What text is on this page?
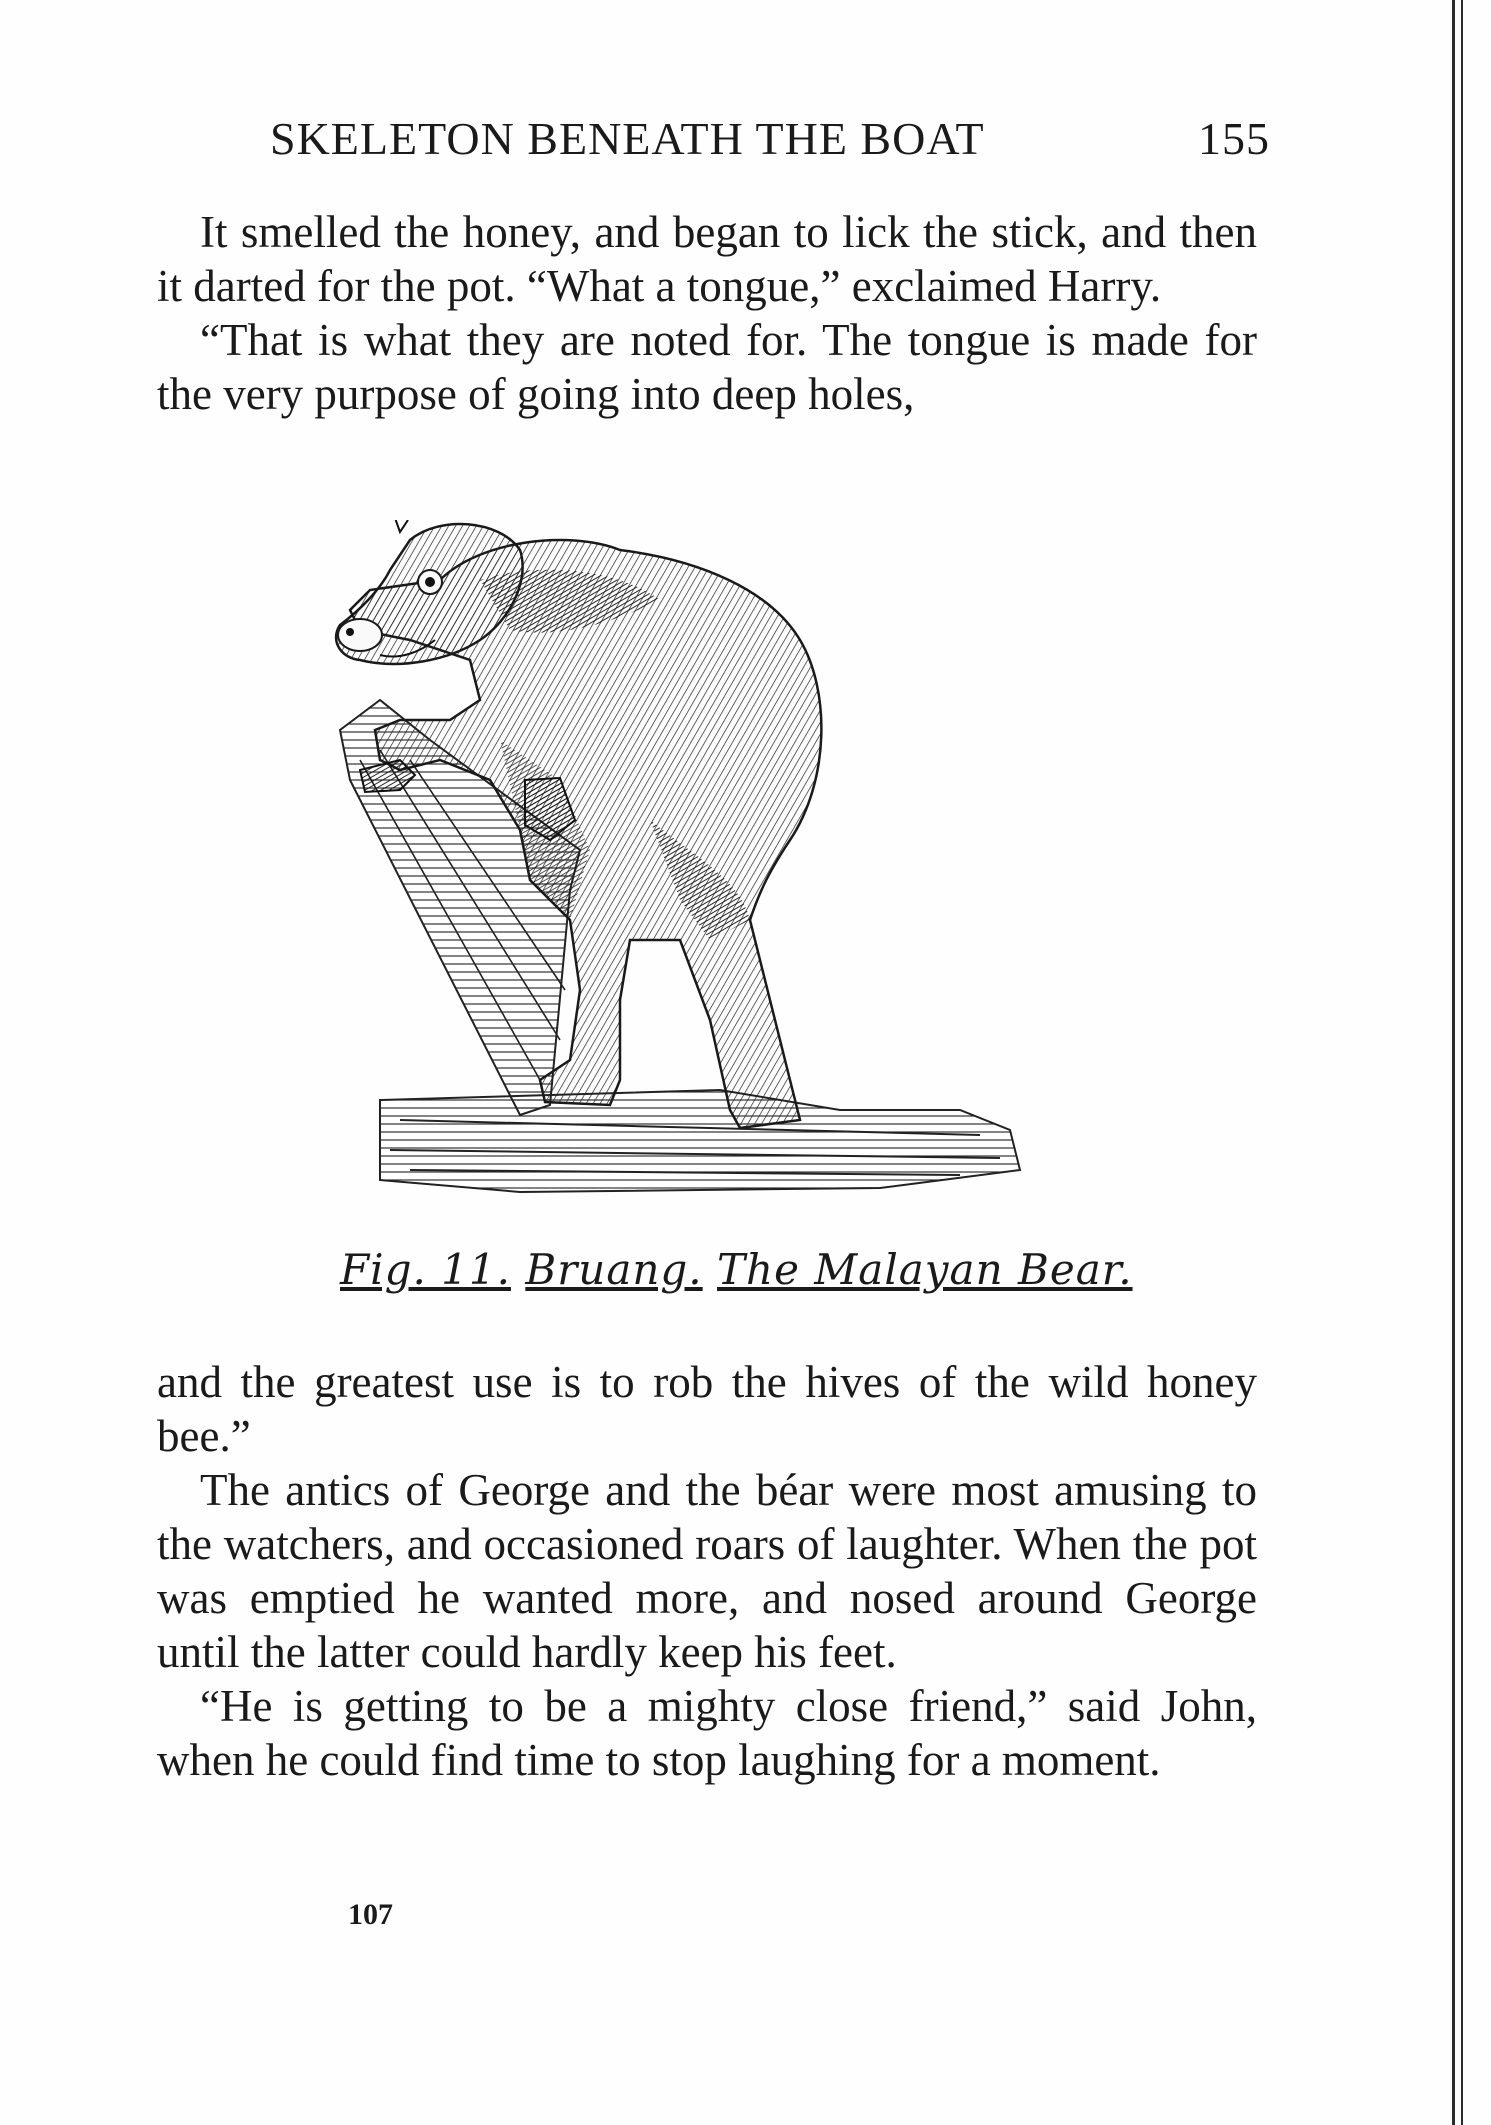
SKELETON BENEATH THE BOAT	155

It smelled the honey, and began to lick the stick, and then it darted for the pot. “What a tongue,” exclaimed Harry.

“That is what they are noted for. The tongue is made for the very purpose of going into deep holes,

Fig. 11. Bruang. The Malayan Bear.

and the greatest use is to rob the hives of the wild honey bee.”

The antics of George and the béar were most amusing to the watchers, and occasioned roars of laughter. When the pot was emptied he wanted more, and nosed around George until the latter could hardly keep his feet.

“He is getting to be a mighty close friend,” said John, when he could find time to stop laughing for a moment.

107
